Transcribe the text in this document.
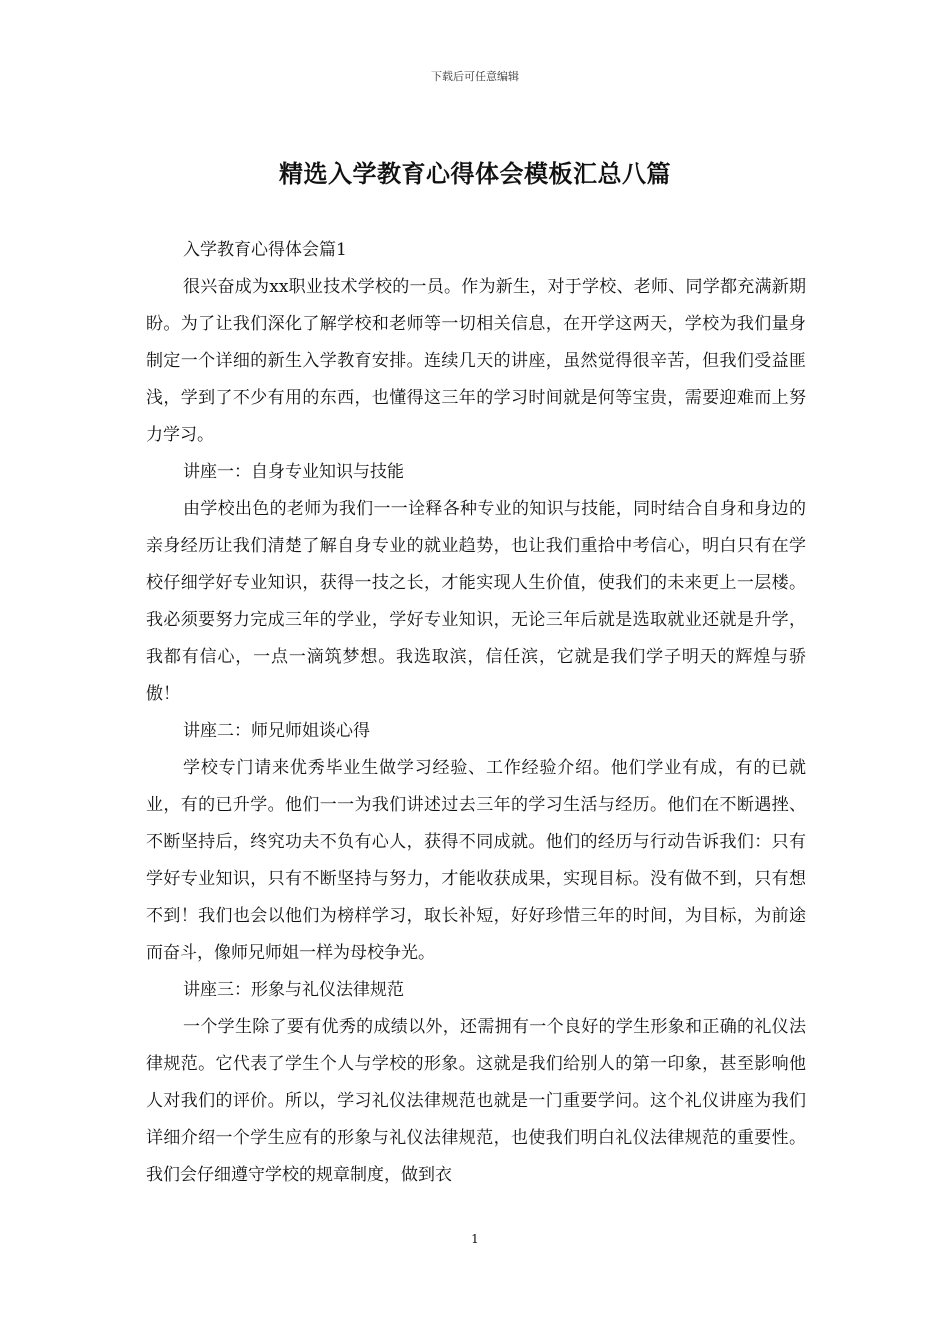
下载后可任意编辑
精选入学教育心得体会模板汇总八篇

入学教育心得体会篇1

很兴奋成为xx职业技术学校的一员。作为新生，对于学校、老师、同学都充满新期盼。为了让我们深化了解学校和老师等一切相关信息，在开学这两天，学校为我们量身制定一个详细的新生入学教育安排。连续几天的讲座，虽然觉得很辛苦，但我们受益匪浅，学到了不少有用的东西，也懂得这三年的学习时间就是何等宝贵，需要迎难而上努力学习。

讲座一：自身专业知识与技能

由学校出色的老师为我们一一诠释各种专业的知识与技能，同时结合自身和身边的亲身经历让我们清楚了解自身专业的就业趋势，也让我们重拾中考信心，明白只有在学校仔细学好专业知识，获得一技之长，才能实现人生价值，使我们的未来更上一层楼。我必须要努力完成三年的学业，学好专业知识，无论三年后就是选取就业还就是升学，我都有信心，一点一滴筑梦想。我选取滨，信任滨，它就是我们学子明天的辉煌与骄傲！

讲座二：师兄师姐谈心得

学校专门请来优秀毕业生做学习经验、工作经验介绍。他们学业有成，有的已就业，有的已升学。他们一一为我们讲述过去三年的学习生活与经历。他们在不断遇挫、不断坚持后，终究功夫不负有心人，获得不同成就。他们的经历与行动告诉我们：只有学好专业知识，只有不断坚持与努力，才能收获成果，实现目标。没有做不到，只有想不到！我们也会以他们为榜样学习，取长补短，好好珍惜三年的时间，为目标，为前途而奋斗，像师兄师姐一样为母校争光。

讲座三：形象与礼仪法律规范

一个学生除了要有优秀的成绩以外，还需拥有一个良好的学生形象和正确的礼仪法律规范。它代表了学生个人与学校的形象。这就是我们给别人的第一印象，甚至影响他人对我们的评价。所以，学习礼仪法律规范也就是一门重要学问。这个礼仪讲座为我们详细介绍一个学生应有的形象与礼仪法律规范，也使我们明白礼仪法律规范的重要性。我们会仔细遵守学校的规章制度，做到衣

1
